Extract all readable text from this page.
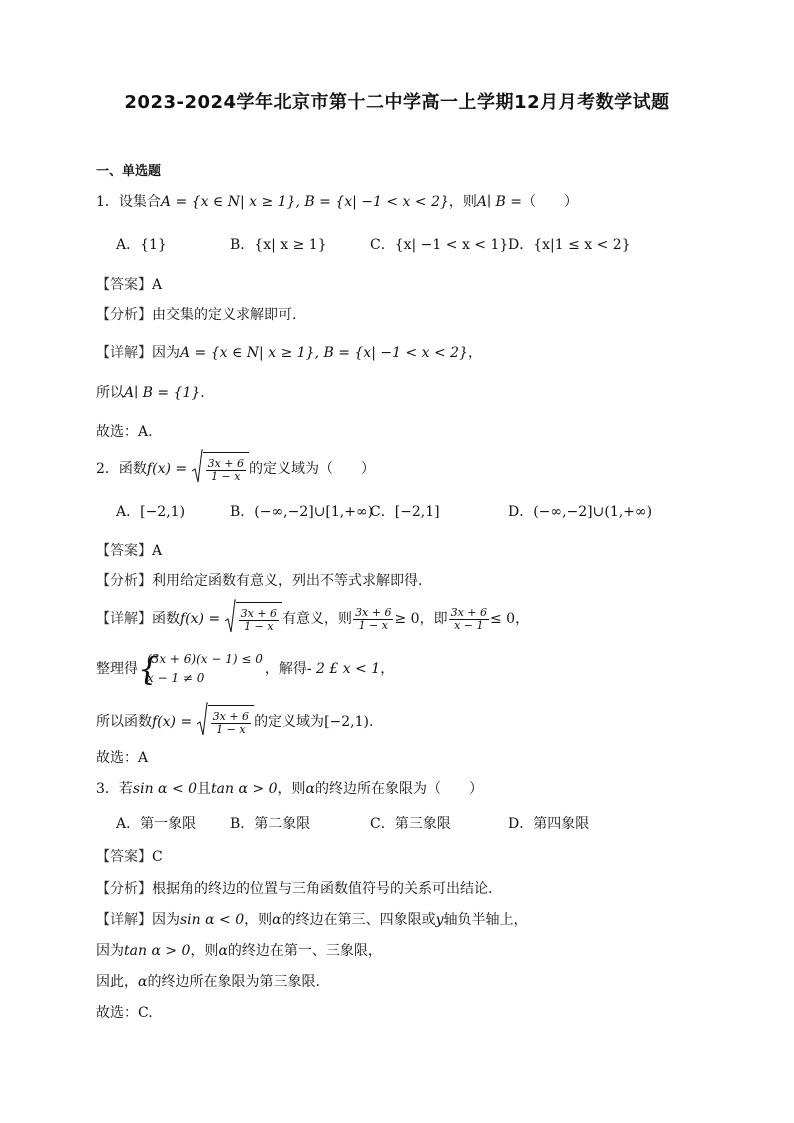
2023-2024学年北京市第十二中学高一上学期12月月考数学试题
一、单选题
1．设集合A = {x ∈ N| x ≥ 1}, B = {x| −1 < x < 2}，则A∣ B =（　　）
A．{1}	B．{x| x ≥ 1}	C．{x| −1 < x < 1} D．{x|1 ≤ x < 2}
【答案】A
【分析】由交集的定义求解即可.
【详解】因为A = {x ∈ N| x ≥ 1}, B = {x| −1 < x < 2}，
所以A∣ B = {1}.
故选：A.
2．函数$f(x) = \frac{3x + 6}{1 - x}$ 的定义域为（　　）
A．[−2,1)	B．(−∞,−2]∪[1,+∞)
C．[−2,1]	D．(−∞,−2]∪(1,+∞)
【答案】A
【分析】利用给定函数有意义，列出不等式求解即得.
【详解】函数$f(x) = \frac{3x + 6}{1 - x}$ 有意义，则 $\frac{3x + 6}{1 - x} \ge 0$，即 $\frac{3x + 6}{x - 1} \le 0$，
整理得 {
(3x + 6)(x − 1) ≤ 0
x − 1 ≠ 0
，解得- 2 £ x < 1，
所以函数$f(x) = \frac{3x + 6}{1 - x}$ 的定义域为[−2,1).
故选：A
3．若sin α < 0且tan α > 0，则α的终边所在象限为（　　）
A．第一象限 B．第二象限	C．第三象限	D．第四象限
【答案】C
【分析】根据角的终边的位置与三角函数值符号的关系可出结论.
【详解】因为sin α < 0，则α的终边在第三、四象限或y轴负半轴上，
因为tan α > 0，则α的终边在第一、三象限，
因此，α的终边所在象限为第三象限.
故选：C.
